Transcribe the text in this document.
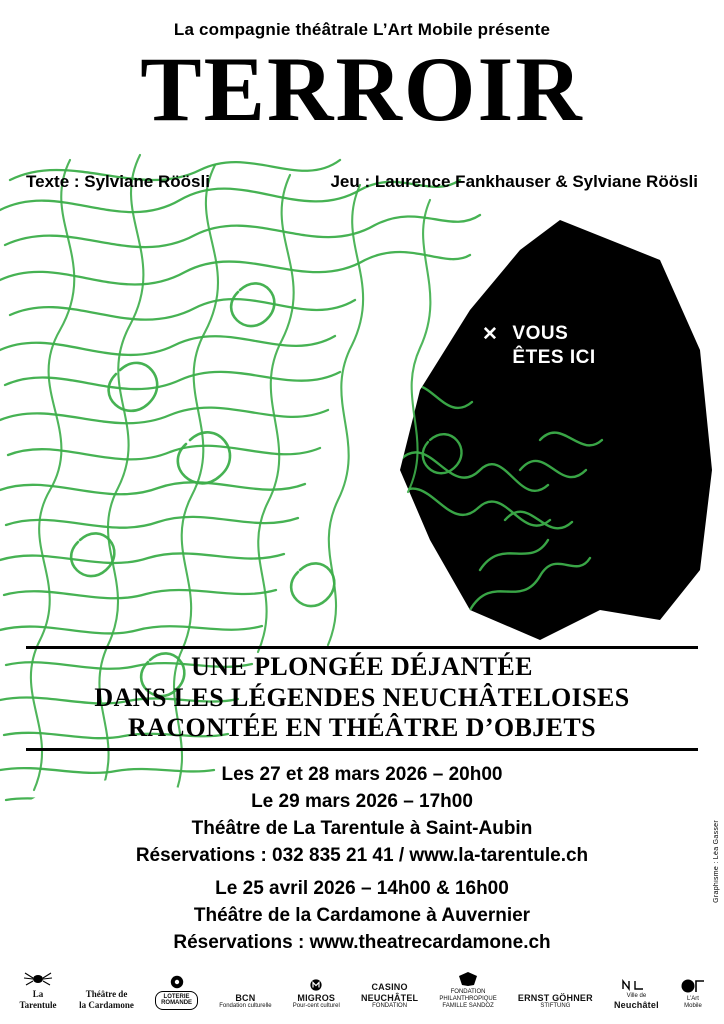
La compagnie théâtrale L’Art Mobile présente
TERROIR
Texte : Sylviane Röösli	Jeu : Laurence Fankhauser & Sylviane Röösli
✕ VOUS
ÊTES ICI
UNE PLONGÉE DÉJANTÉE
DANS LES LÉGENDES NEUCHÂTELOISES
RACONTÉE EN THÉÂTRE D’OBJETS
Les 27 et 28 mars 2026 – 20h00
Le 29 mars 2026 – 17h00
Théâtre de La Tarentule à Saint-Aubin
Réservations : 032 835 21 41 / www.la-tarentule.ch
Le 25 avril 2026 – 14h00 & 16h00
Théâtre de la Cardamone à Auvernier
Réservations : www.theatrecardamone.ch
Graphisme : Léa Gasser
La
Tarentule
Théâtre de
la Cardamone
LOTERIE
ROMANDE
BCN
Fondation culturelle
MIGROS
Pour-cent culturel
CASINO
NEUCHÂTEL
FONDATION
FONDATION
PHILANTHROPIQUE
FAMILLE SANDOZ
ERNST GÖHNER
STIFTUNG
Ville de
Neuchâtel
L’Art
Mobile
